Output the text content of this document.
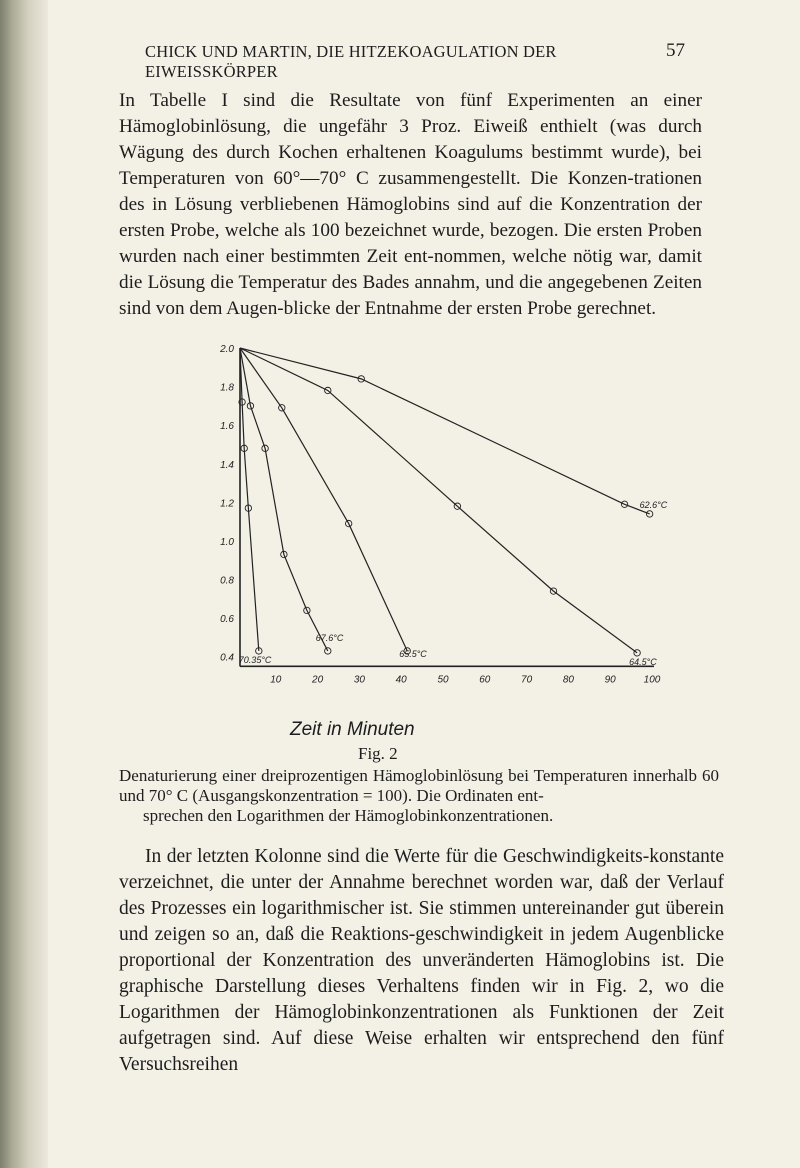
CHICK UND MARTIN, DIE HITZEKOAGULATION DER EIWEISSKÖRPER
57

In Tabelle I sind die Resultate von fünf Experimenten an einer Hämoglobinlösung, die ungefähr 3 Proz. Eiweiß enthielt (was durch Wägung des durch Kochen erhaltenen Koagulums bestimmt wurde), bei Temperaturen von 60°—70° C zusammengestellt. Die Konzen-trationen des in Lösung verbliebenen Hämoglobins sind auf die Konzentration der ersten Probe, welche als 100 bezeichnet wurde, bezogen. Die ersten Proben wurden nach einer bestimmten Zeit ent-nommen, welche nötig war, damit die Lösung die Temperatur des Bades annahm, und die angegebenen Zeiten sind von dem Augen-blicke der Entnahme der ersten Probe gerechnet.

2.0
1.8
1.6
1.4
1.2
1.0
0.8
0.6
0.4
10	20	30	40	50	60	70	80	90	100
70.35°C
67.6°C
65.5°C
64.5°C
62.6°C
Zeit in Minuten
Fig. 2
Denaturierung einer dreiprozentigen Hämoglobinlösung bei Temperaturen innerhalb 60 und 70° C (Ausgangskonzentration = 100). Die Ordinaten ent-
sprechen den Logarithmen der Hämoglobinkonzentrationen.

In der letzten Kolonne sind die Werte für die Geschwindigkeits-konstante verzeichnet, die unter der Annahme berechnet worden war, daß der Verlauf des Prozesses ein logarithmischer ist. Sie stimmen untereinander gut überein und zeigen so an, daß die Reaktions-geschwindigkeit in jedem Augenblicke proportional der Konzentration des unveränderten Hämoglobins ist. Die graphische Darstellung dieses Verhaltens finden wir in Fig. 2, wo die Logarithmen der Hämoglobinkonzentrationen als Funktionen der Zeit aufgetragen sind. Auf diese Weise erhalten wir entsprechend den fünf Versuchsreihen
